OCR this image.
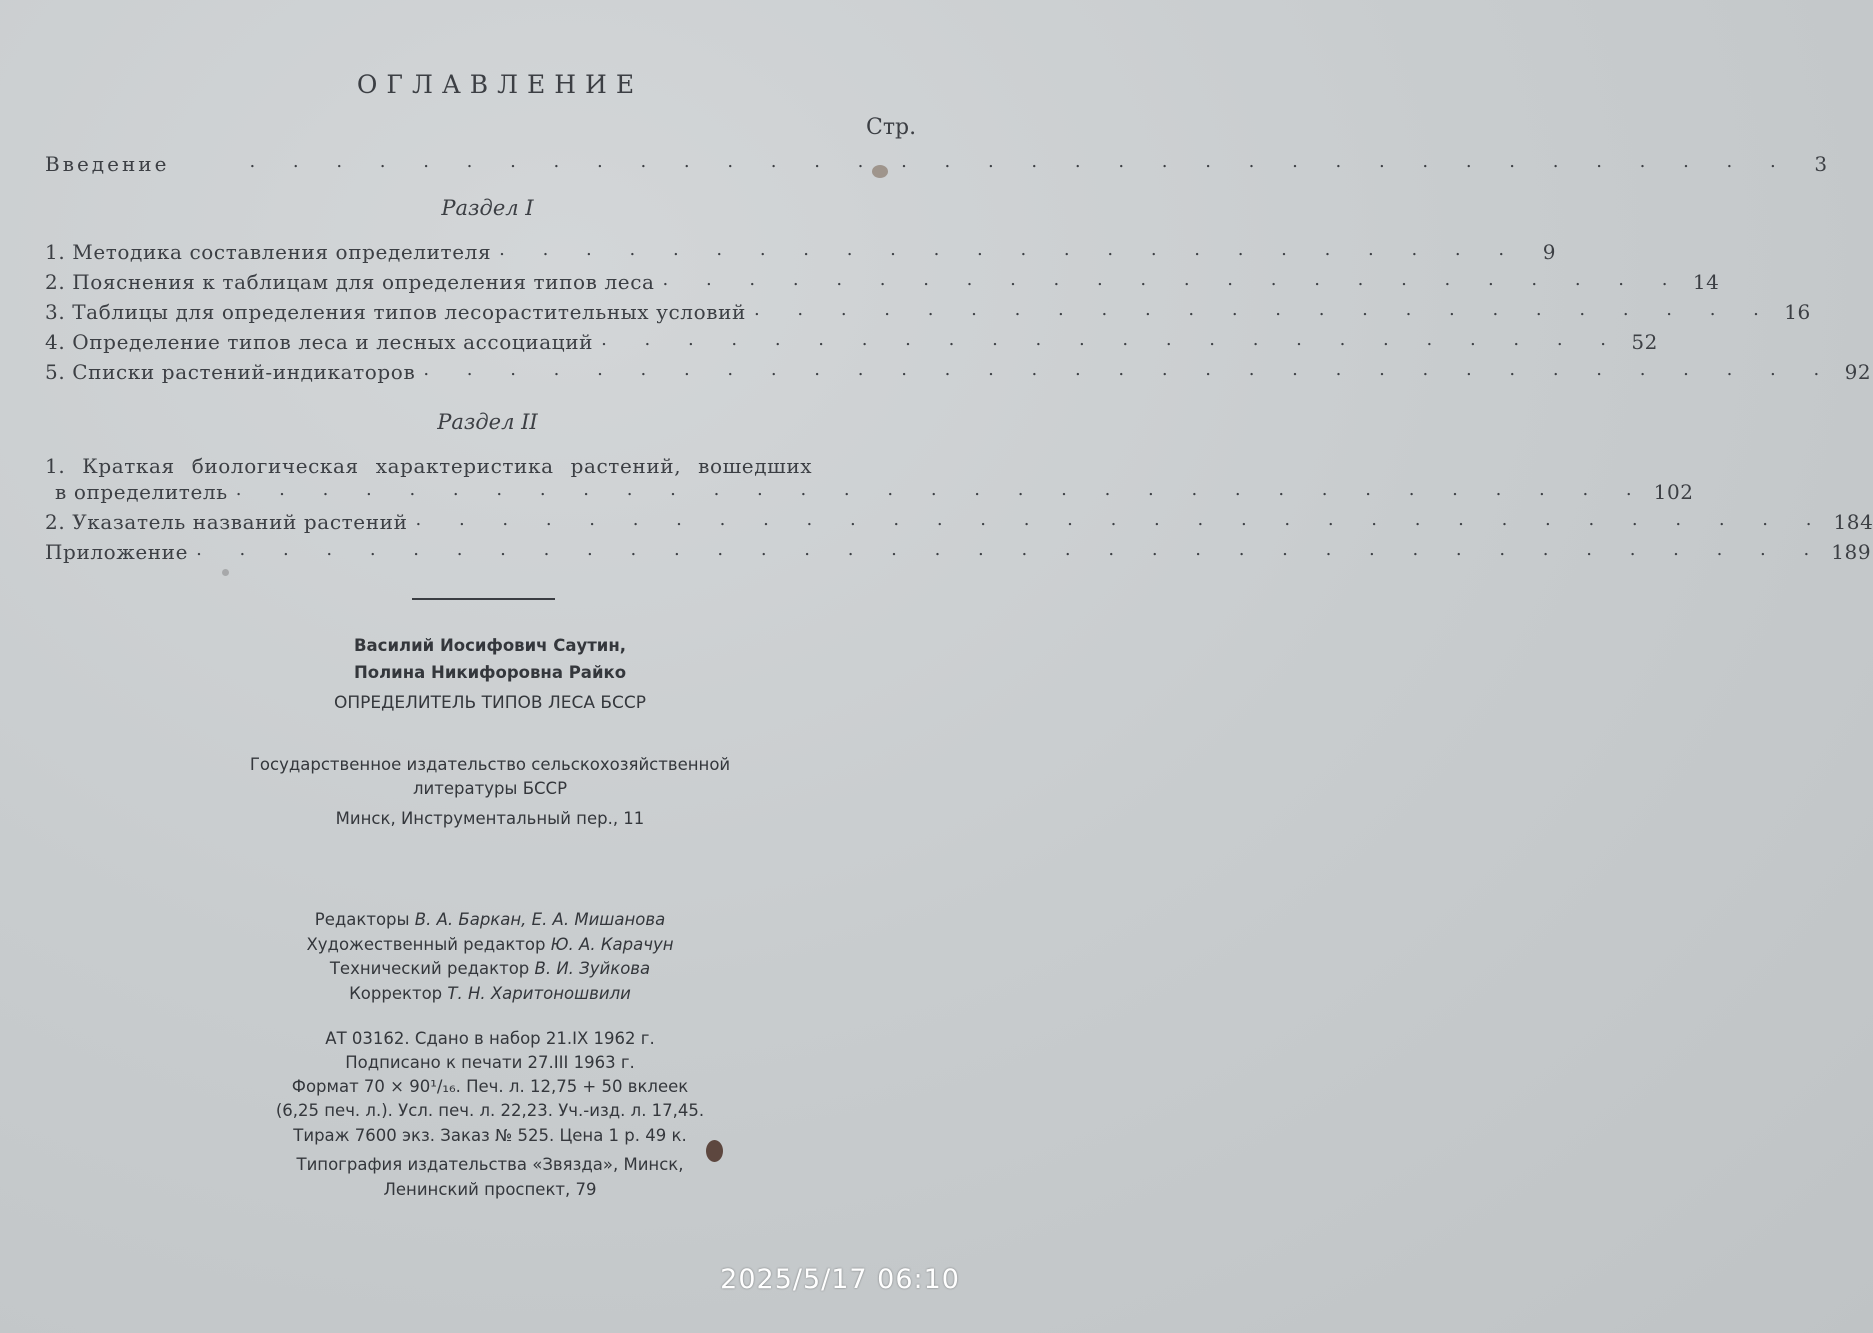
ОГЛАВЛЕНИЕ
Стр.
Введение	. . . . . . . . . . . . . . . . . . . . . . . . . . . . . . . . . . . .	3
Раздел I
1. Методика составления определителя . . . . . . . . . . . . . . . . . . . . . . . .	9
2. Пояснения к таблицам для определения типов леса . . . . . . . . . . . . . . . . . . . . . . . . 14
3. Таблицы для определения типов лесорастительных условий . . . . . . . . . . . . . . . . . . . . . . . . 16
4. Определение типов леса и лесных ассоциаций . . . . . . . . . . . . . . . . . . . . . . . . 52
5. Списки растений-индикаторов . . . . . . . . . . . . . . . . . . . . . . . . . . . . . . . . . 92
Раздел II
1. Краткая биологическая характеристика растений, вошедших
в определитель . . . . . . . . . . . . . . . . . . . . . . . . . . . . . . . . . 102
2. Указатель названий растений . . . . . . . . . . . . . . . . . . . . . . . . . . . . . . . . . 184
Приложение . . . . . . . . . . . . . . . . . . . . . . . . . . . . . . . . . . . . . . 189
Василий Иосифович Саутин,
Полина Никифоровна Райко
ОПРЕДЕЛИТЕЛЬ ТИПОВ ЛЕСА БССР
Государственное издательство сельскохозяйственной
литературы БССР
Минск, Инструментальный пер., 11
Редакторы В. А. Баркан, Е. А. Мишанова
Художественный редактор Ю. А. Карачун
Технический редактор В. И. Зуйкова
Корректор Т. Н. Харитоношвили
АТ 03162. Сдано в набор 21.IX 1962 г.
Подписано к печати 27.III 1963 г.
Формат 70 × 90¹/₁₆. Печ. л. 12,75 + 50 вклеек
(6,25 печ. л.). Усл. печ. л. 22,23. Уч.-изд. л. 17,45.
Тираж 7600 экз. Заказ № 525. Цена 1 р. 49 к.
Типография издательства «Звязда», Минск,
Ленинский проспект, 79
2025/5/17 06:10
